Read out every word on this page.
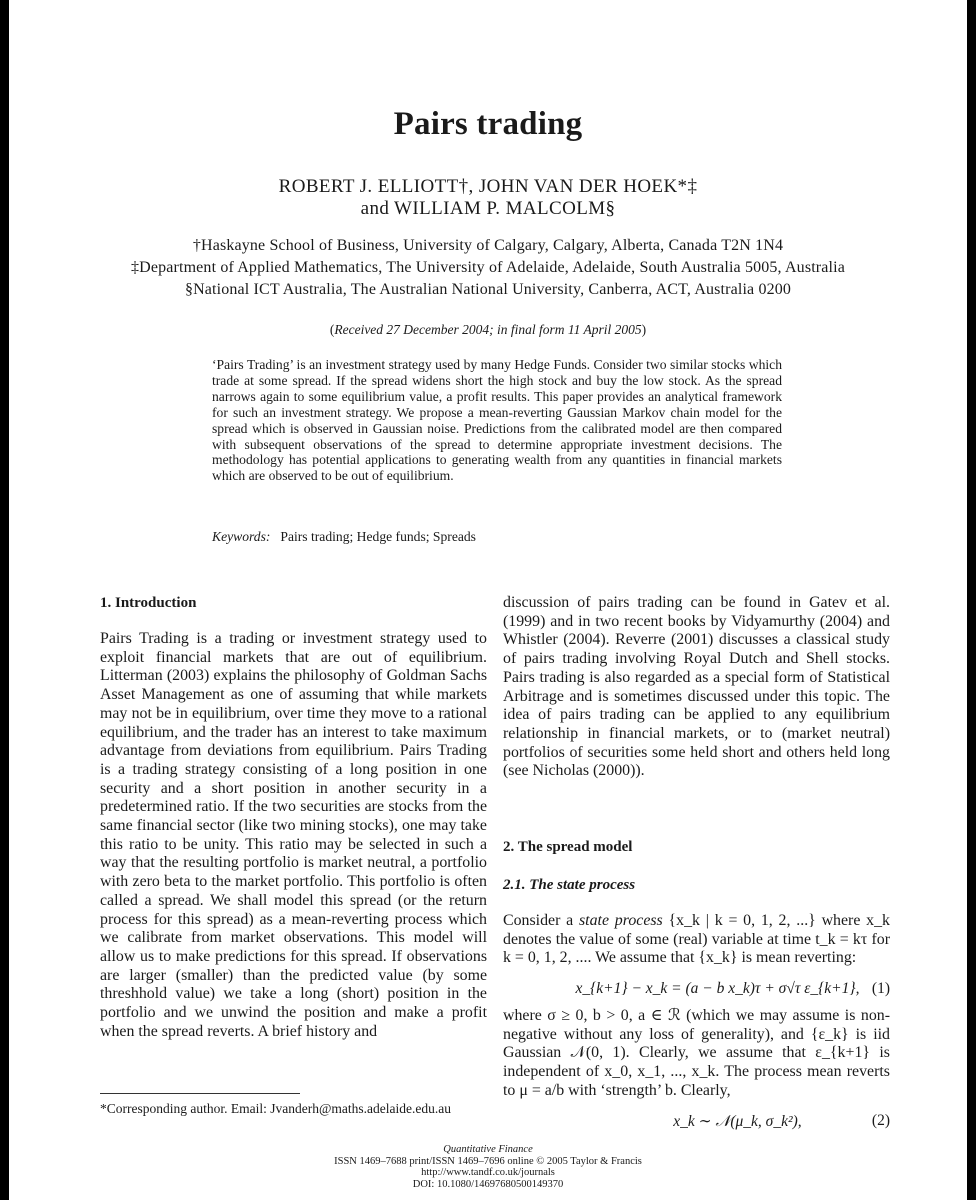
Pairs trading
ROBERT J. ELLIOTT†, JOHN VAN DER HOEK*‡
and WILLIAM P. MALCOLM§
†Haskayne School of Business, University of Calgary, Calgary, Alberta, Canada T2N 1N4
‡Department of Applied Mathematics, The University of Adelaide, Adelaide, South Australia 5005, Australia
§National ICT Australia, The Australian National University, Canberra, ACT, Australia 0200
(Received 27 December 2004; in final form 11 April 2005)
‘Pairs Trading’ is an investment strategy used by many Hedge Funds. Consider two similar stocks which trade at some spread. If the spread widens short the high stock and buy the low stock. As the spread narrows again to some equilibrium value, a profit results. This paper provides an analytical framework for such an investment strategy. We propose a mean-reverting Gaussian Markov chain model for the spread which is observed in Gaussian noise. Predictions from the calibrated model are then compared with subsequent observations of the spread to determine appropriate investment decisions. The methodology has potential applications to generating wealth from any quantities in financial markets which are observed to be out of equilibrium.
Keywords: Pairs trading; Hedge funds; Spreads
1. Introduction
Pairs Trading is a trading or investment strategy used to exploit financial markets that are out of equilibrium. Litterman (2003) explains the philosophy of Goldman Sachs Asset Management as one of assuming that while markets may not be in equilibrium, over time they move to a rational equilibrium, and the trader has an interest to take maximum advantage from deviations from equilibrium. Pairs Trading is a trading strategy consisting of a long position in one security and a short position in another security in a predetermined ratio. If the two securities are stocks from the same financial sector (like two mining stocks), one may take this ratio to be unity. This ratio may be selected in such a way that the resulting portfolio is market neutral, a portfolio with zero beta to the market portfolio. This portfolio is often called a spread. We shall model this spread (or the return process for this spread) as a mean-reverting process which we calibrate from market observations. This model will allow us to make predictions for this spread. If observations are larger (smaller) than the predicted value (by some threshhold value) we take a long (short) position in the portfolio and we unwind the position and make a profit when the spread reverts. A brief history and
discussion of pairs trading can be found in Gatev et al. (1999) and in two recent books by Vidyamurthy (2004) and Whistler (2004). Reverre (2001) discusses a classical study of pairs trading involving Royal Dutch and Shell stocks. Pairs trading is also regarded as a special form of Statistical Arbitrage and is sometimes discussed under this topic. The idea of pairs trading can be applied to any equilibrium relationship in financial markets, or to (market neutral) portfolios of securities some held short and others held long (see Nicholas (2000)).
2. The spread model
2.1. The state process
Consider a state process {x_k | k = 0, 1, 2, ...} where x_k denotes the value of some (real) variable at time t_k = kτ for k = 0, 1, 2, .... We assume that {x_k} is mean reverting:
x_{k+1} − x_k = (a − b x_k)τ + σ√τ ε_{k+1}, (1)
where σ ≥ 0, b > 0, a ∈ ℛ (which we may assume is non-negative without any loss of generality), and {ε_k} is iid Gaussian 𝒩(0, 1). Clearly, we assume that ε_{k+1} is independent of x_0, x_1, ..., x_k. The process mean reverts to μ = a/b with ‘strength’ b. Clearly,
x_k ∼ 𝒩(μ_k, σ_k²),	(2)
*Corresponding author. Email: Jvanderh@maths.adelaide.edu.au
Quantitative Finance
ISSN 1469–7688 print/ISSN 1469–7696 online © 2005 Taylor & Francis
http://www.tandf.co.uk/journals
DOI: 10.1080/14697680500149370
